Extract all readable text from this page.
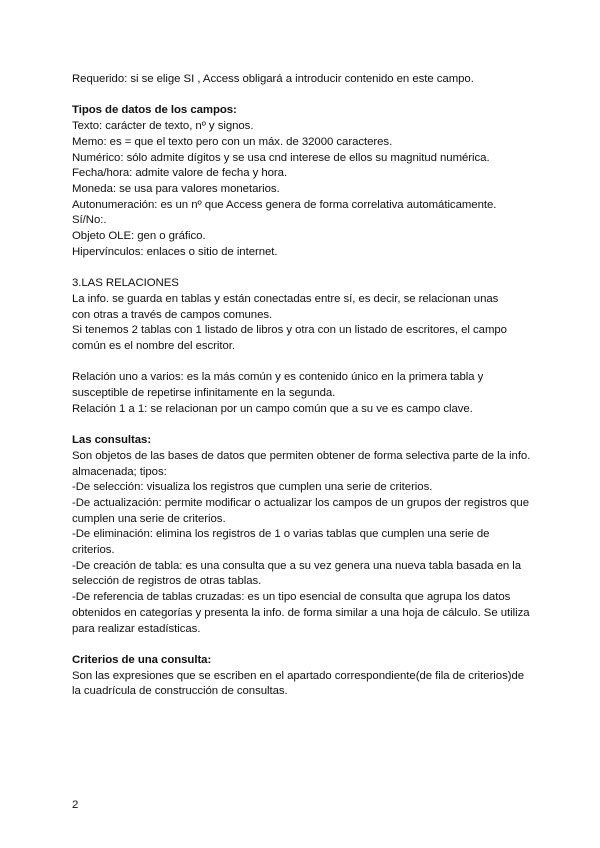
Requerido: si se elige SI , Access obligará a introducir contenido en este campo.
Tipos de datos de los campos:
Texto: carácter de texto, nº y signos.
Memo: es = que el texto pero con un máx. de 32000 caracteres.
Numérico: sólo admite dígitos y se usa cnd interese de ellos su magnitud numérica.
Fecha/hora: admite valore de fecha y hora.
Moneda: se usa para valores monetarios.
Autonumeración: es un nº que Access genera de forma correlativa automáticamente.
Sí/No:.
Objeto OLE: gen o gráfico.
Hipervínculos: enlaces o sitio de internet.
3.LAS RELACIONES
La info. se guarda en tablas y están conectadas entre sí, es decir, se relacionan unas
con otras a través de campos comunes.
Si tenemos 2 tablas con 1 listado de libros y otra con un listado de escritores, el campo
común es el nombre del escritor.
Relación uno a varios: es la más común y es contenido único en la primera tabla y
susceptible de repetirse infinitamente en la segunda.
Relación 1 a 1: se relacionan por un campo común que a su ve es campo clave.
Las consultas:
Son objetos de las bases de datos que permiten obtener de forma selectiva parte de la info.
almacenada; tipos:
-De selección: visualiza los registros que cumplen una serie de criterios.
-De actualización: permite modificar o actualizar los campos de un grupos der registros que
cumplen una serie de criterios.
-De eliminación: elimina los registros de 1 o varias tablas que cumplen una serie de
criterios.
-De creación de tabla: es una consulta que a su vez genera una nueva tabla basada en la
selección de registros de otras tablas.
-De referencia de tablas cruzadas: es un tipo esencial de consulta que agrupa los datos
obtenidos en categorías y presenta la info. de forma similar a una hoja de cálculo. Se utiliza
para realizar estadísticas.
Criterios de una consulta:
Son las expresiones que se escriben en el apartado correspondiente(de fila de criterios)de
la cuadrícula de construcción de consultas.
2
